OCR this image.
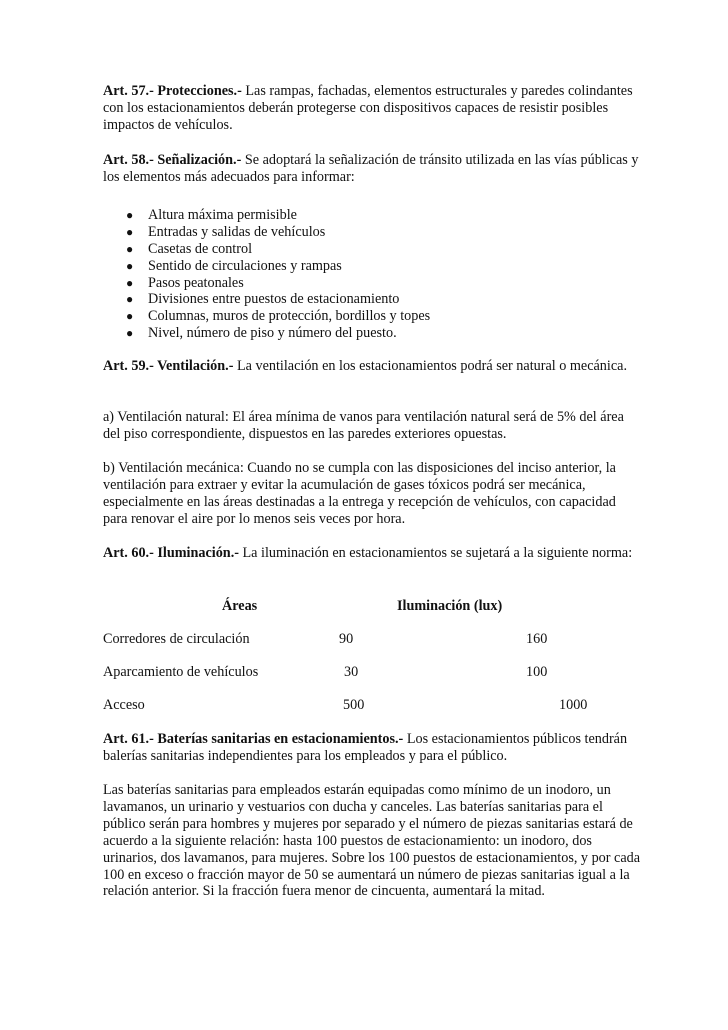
Art. 57.- Protecciones.- Las rampas, fachadas, elementos estructurales y paredes colindantes con los estacionamientos deberán protegerse con dispositivos capaces de resistir posibles impactos de vehículos.

Art. 58.- Señalización.- Se adoptará la señalización de tránsito utilizada en las vías públicas y los elementos más adecuados para informar:

● Altura máxima permisible
● Entradas y salidas de vehículos
● Casetas de control
● Sentido de circulaciones y rampas
● Pasos peatonales
● Divisiones entre puestos de estacionamiento
● Columnas, muros de protección, bordillos y topes
● Nivel, número de piso y número del puesto.

Art. 59.- Ventilación.- La ventilación en los estacionamientos podrá ser natural o mecánica.

a) Ventilación natural: El área mínima de vanos para ventilación natural será de 5% del área del piso correspondiente, dispuestos en las paredes exteriores opuestas.

b) Ventilación mecánica: Cuando no se cumpla con las disposiciones del inciso anterior, la ventilación para extraer y evitar la acumulación de gases tóxicos podrá ser mecánica, especialmente en las áreas destinadas a la entrega y recepción de vehículos, con capacidad para renovar el aire por lo menos seis veces por hora.

Art. 60.- Iluminación.- La iluminación en estacionamientos se sujetará a la siguiente norma:

Áreas	Iluminación (lux)
Corredores de circulación	90	160
Aparcamiento de vehículos	30	100
Acceso	500	1000

Art. 61.- Baterías sanitarias en estacionamientos.- Los estacionamientos públicos tendrán balerías sanitarias independientes para los empleados y para el público.

Las baterías sanitarias para empleados estarán equipadas como mínimo de un inodoro, un lavamanos, un urinario y vestuarios con ducha y canceles. Las baterías sanitarias para el público serán para hombres y mujeres por separado y el número de piezas sanitarias estará de acuerdo a la siguiente relación: hasta 100 puestos de estacionamiento: un inodoro, dos urinarios, dos lavamanos, para mujeres. Sobre los 100 puestos de estacionamientos, y por cada 100 en exceso o fracción mayor de 50 se aumentará un número de piezas sanitarias igual a la relación anterior. Si la fracción fuera menor de cincuenta, aumentará la mitad.
